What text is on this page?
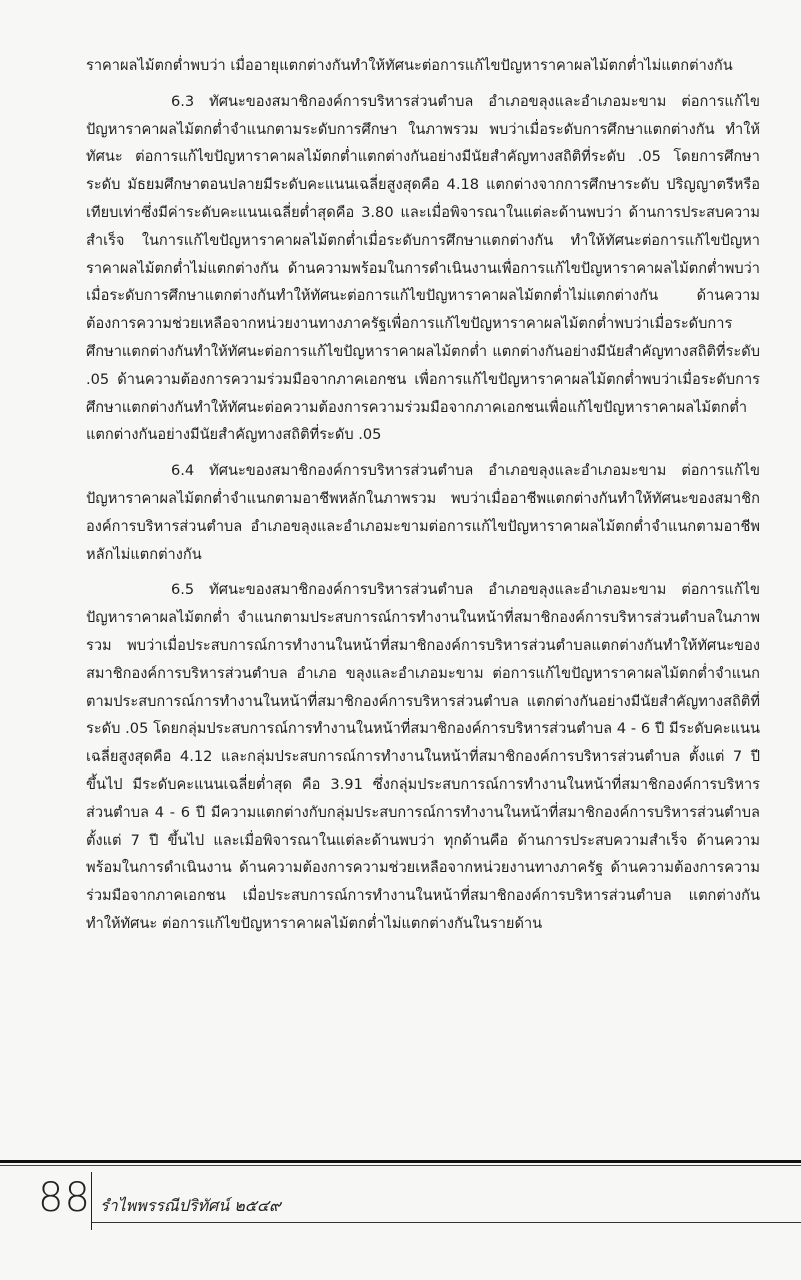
ราคาผลไม้ตกต่ำพบว่า เมื่ออายุแตกต่างกันทำให้ทัศนะต่อการแก้ไขปัญหาราคาผลไม้ตกต่ำไม่แตกต่างกัน

6.3 ทัศนะของสมาชิกองค์การบริหารส่วนตำบล อำเภอขลุงและอำเภอมะขาม ต่อการแก้ไขปัญหาราคาผลไม้ตกต่ำจำแนกตามระดับการศึกษา ในภาพรวม พบว่าเมื่อระดับการศึกษาแตกต่างกัน ทำให้ทัศนะ ต่อการแก้ไขปัญหาราคาผลไม้ตกต่ำแตกต่างกันอย่างมีนัยสำคัญทางสถิติที่ระดับ .05 โดยการศึกษาระดับ มัธยมศึกษาตอนปลายมีระดับคะแนนเฉลี่ยสูงสุดคือ 4.18 แตกต่างจากการศึกษาระดับ ปริญญาตรีหรือเทียบเท่าซึ่งมีค่าระดับคะแนนเฉลี่ยต่ำสุดคือ 3.80 และเมื่อพิจารณาในแต่ละด้านพบว่า ด้านการประสบความสำเร็จ ในการแก้ไขปัญหาราคาผลไม้ตกต่ำเมื่อระดับการศึกษาแตกต่างกัน ทำให้ทัศนะต่อการแก้ไขปัญหาราคาผลไม้ตกต่ำไม่แตกต่างกัน ด้านความพร้อมในการดำเนินงานเพื่อการแก้ไขปัญหาราคาผลไม้ตกต่ำพบว่าเมื่อระดับการศึกษาแตกต่างกันทำให้ทัศนะต่อการแก้ไขปัญหาราคาผลไม้ตกต่ำไม่แตกต่างกัน ด้านความต้องการความช่วยเหลือจากหน่วยงานทางภาครัฐเพื่อการแก้ไขปัญหาราคาผลไม้ตกต่ำพบว่าเมื่อระดับการศึกษาแตกต่างกันทำให้ทัศนะต่อการแก้ไขปัญหาราคาผลไม้ตกต่ำ แตกต่างกันอย่างมีนัยสำคัญทางสถิติที่ระดับ .05 ด้านความต้องการความร่วมมือจากภาคเอกชน เพื่อการแก้ไขปัญหาราคาผลไม้ตกต่ำพบว่าเมื่อระดับการศึกษาแตกต่างกันทำให้ทัศนะต่อความต้องการความร่วมมือจากภาคเอกชนเพื่อแก้ไขปัญหาราคาผลไม้ตกต่ำแตกต่างกันอย่างมีนัยสำคัญทางสถิติที่ระดับ .05

6.4 ทัศนะของสมาชิกองค์การบริหารส่วนตำบล อำเภอขลุงและอำเภอมะขาม ต่อการแก้ไขปัญหาราคาผลไม้ตกต่ำจำแนกตามอาชีพหลักในภาพรวม พบว่าเมื่ออาชีพแตกต่างกันทำให้ทัศนะของสมาชิกองค์การบริหารส่วนตำบล อำเภอขลุงและอำเภอมะขามต่อการแก้ไขปัญหาราคาผลไม้ตกต่ำจำแนกตามอาชีพหลักไม่แตกต่างกัน

6.5 ทัศนะของสมาชิกองค์การบริหารส่วนตำบล อำเภอขลุงและอำเภอมะขาม ต่อการแก้ไขปัญหาราคาผลไม้ตกต่ำ จำแนกตามประสบการณ์การทำงานในหน้าที่สมาชิกองค์การบริหารส่วนตำบลในภาพรวม พบว่าเมื่อประสบการณ์การทำงานในหน้าที่สมาชิกองค์การบริหารส่วนตำบลแตกต่างกันทำให้ทัศนะของสมาชิกองค์การบริหารส่วนตำบล อำเภอ ขลุงและอำเภอมะขาม ต่อการแก้ไขปัญหาราคาผลไม้ตกต่ำจำแนกตามประสบการณ์การทำงานในหน้าที่สมาชิกองค์การบริหารส่วนตำบล แตกต่างกันอย่างมีนัยสำคัญทางสถิติที่ระดับ .05 โดยกลุ่มประสบการณ์การทำงานในหน้าที่สมาชิกองค์การบริหารส่วนตำบล 4 - 6 ปี มีระดับคะแนนเฉลี่ยสูงสุดคือ 4.12 และกลุ่มประสบการณ์การทำงานในหน้าที่สมาชิกองค์การบริหารส่วนตำบล ตั้งแต่ 7 ปี ขึ้นไป มีระดับคะแนนเฉลี่ยต่ำสุด คือ 3.91 ซึ่งกลุ่มประสบการณ์การทำงานในหน้าที่สมาชิกองค์การบริหารส่วนตำบล 4 - 6 ปี มีความแตกต่างกับกลุ่มประสบการณ์การทำงานในหน้าที่สมาชิกองค์การบริหารส่วนตำบล ตั้งแต่ 7 ปี ขึ้นไป และเมื่อพิจารณาในแต่ละด้านพบว่า ทุกด้านคือ ด้านการประสบความสำเร็จ ด้านความพร้อมในการดำเนินงาน ด้านความต้องการความช่วยเหลือจากหน่วยงานทางภาครัฐ ด้านความต้องการความร่วมมือจากภาคเอกชน เมื่อประสบการณ์การทำงานในหน้าที่สมาชิกองค์การบริหารส่วนตำบล แตกต่างกันทำให้ทัศนะ ต่อการแก้ไขปัญหาราคาผลไม้ตกต่ำไม่แตกต่างกันในรายด้าน

88 รำไพพรรณีปริทัศน์ ๒๕๔๙
